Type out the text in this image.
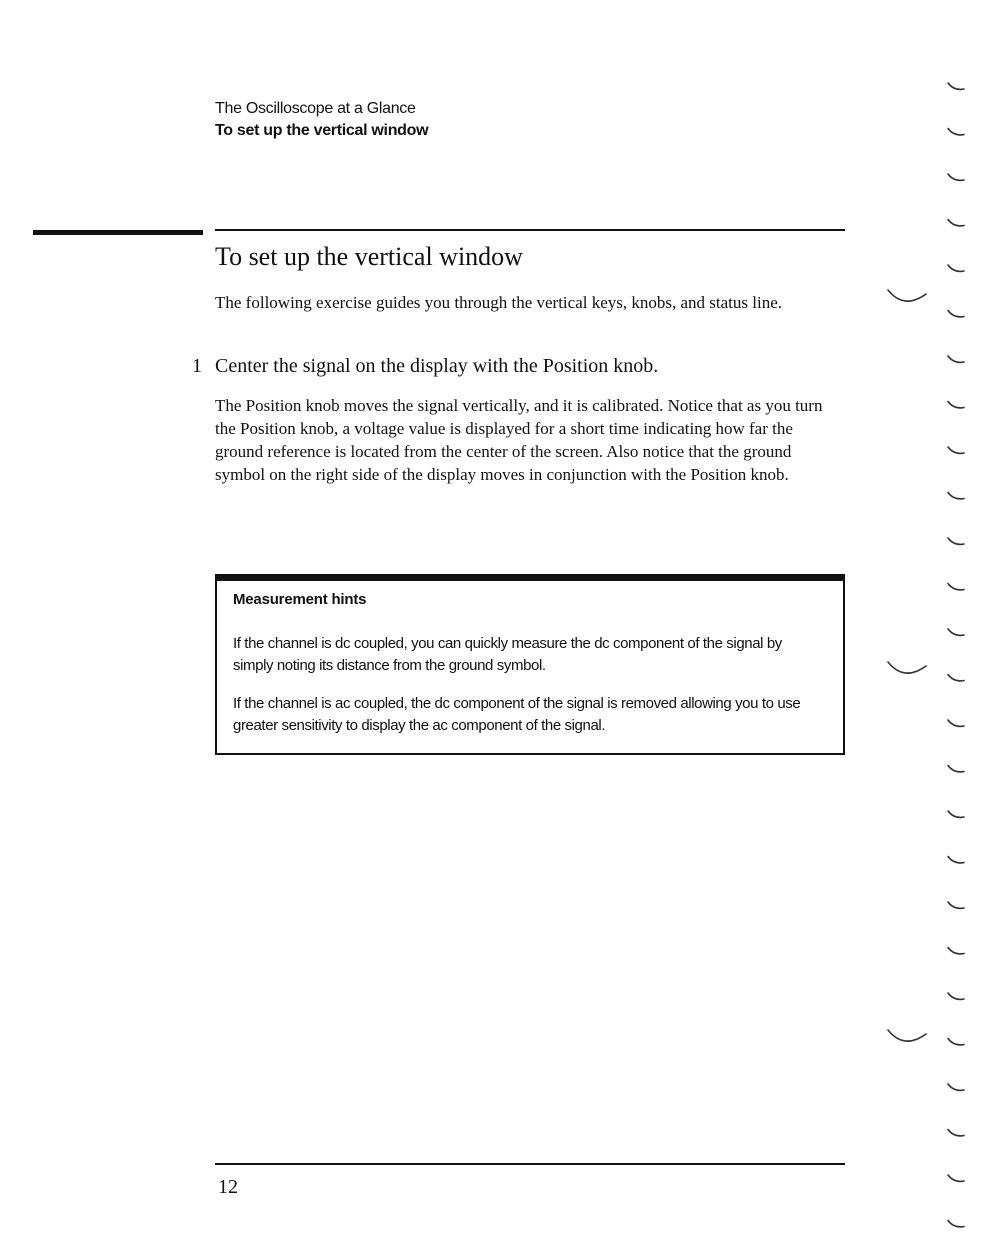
The Oscilloscope at a Glance
To set up the vertical window
To set up the vertical window
The following exercise guides you through the vertical keys, knobs, and status line.
1 Center the signal on the display with the Position knob.
The Position knob moves the signal vertically, and it is calibrated. Notice that as you turn the Position knob, a voltage value is displayed for a short time indicating how far the ground reference is located from the center of the screen. Also notice that the ground symbol on the right side of the display moves in conjunction with the Position knob.
Measurement hints
If the channel is dc coupled, you can quickly measure the dc component of the signal by simply noting its distance from the ground symbol.
If the channel is ac coupled, the dc component of the signal is removed allowing you to use greater sensitivity to display the ac component of the signal.
12
